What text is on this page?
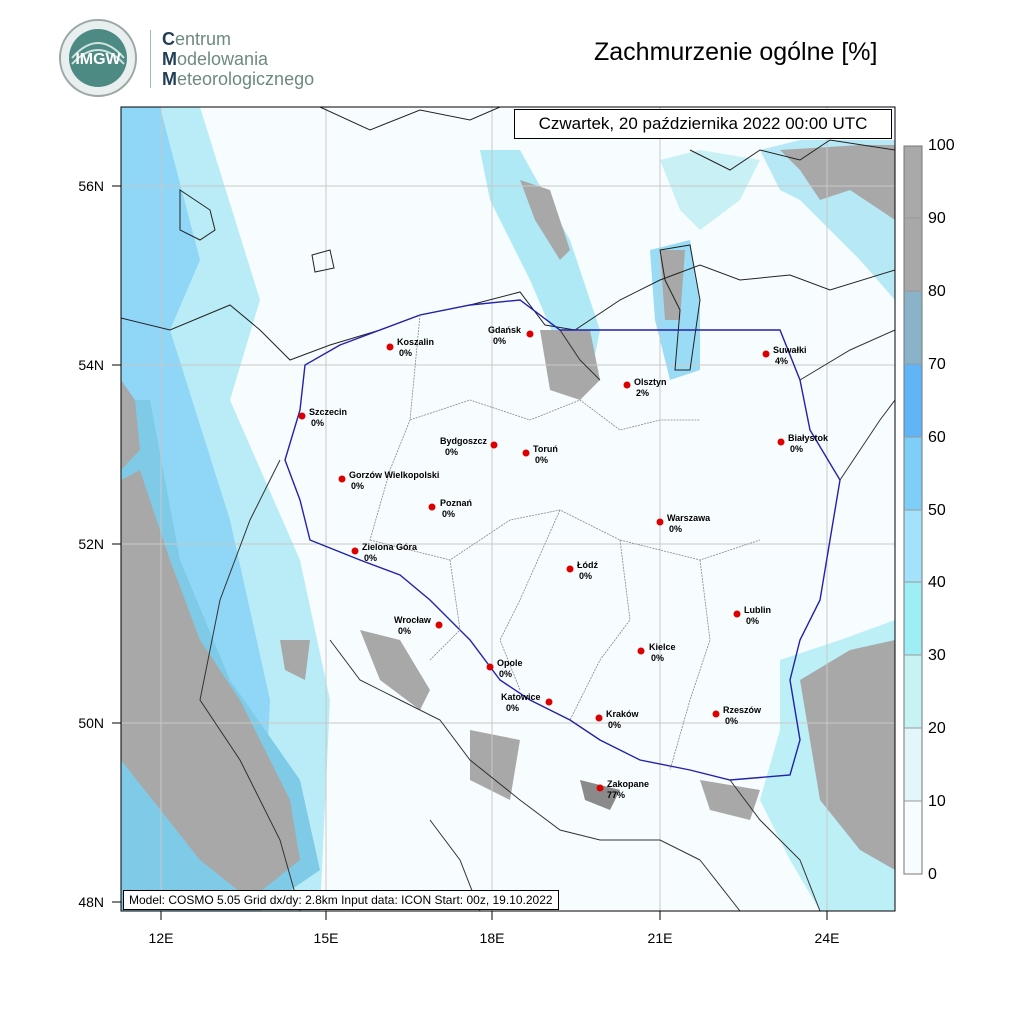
IMGW
Centrum
Modelowania
Meteorologicznego
Zachmurzenie ogólne [%]
Czwartek, 20 października 2022 00:00 UTC
Model: COSMO 5.05 Grid dx/dy: 2.8km Input data: ICON Start: 00z, 19.10.2022
56N
54N
52N
50N
48N
12E	15E	18E	21E	24E
100
90
80
70
60
50
40
30
20
10
0
Gdańsk
0%
Koszalin
0%	Suwałki
4%
Olsztyn
2%
Szczecin
0%
Bydgoszcz
0%	Toruń
0%
Białystok
0%
Gorzów Wielkopolski
0%
Poznań
0%	Warszawa
0%
Zielona Góra
0%
Łódź
0%
Wrocław
0%
Lublin
0%
Opole
0%
Kielce
0%
Katowice
0%
Kraków
0%
Rzeszów
0%
Zakopane
77%
